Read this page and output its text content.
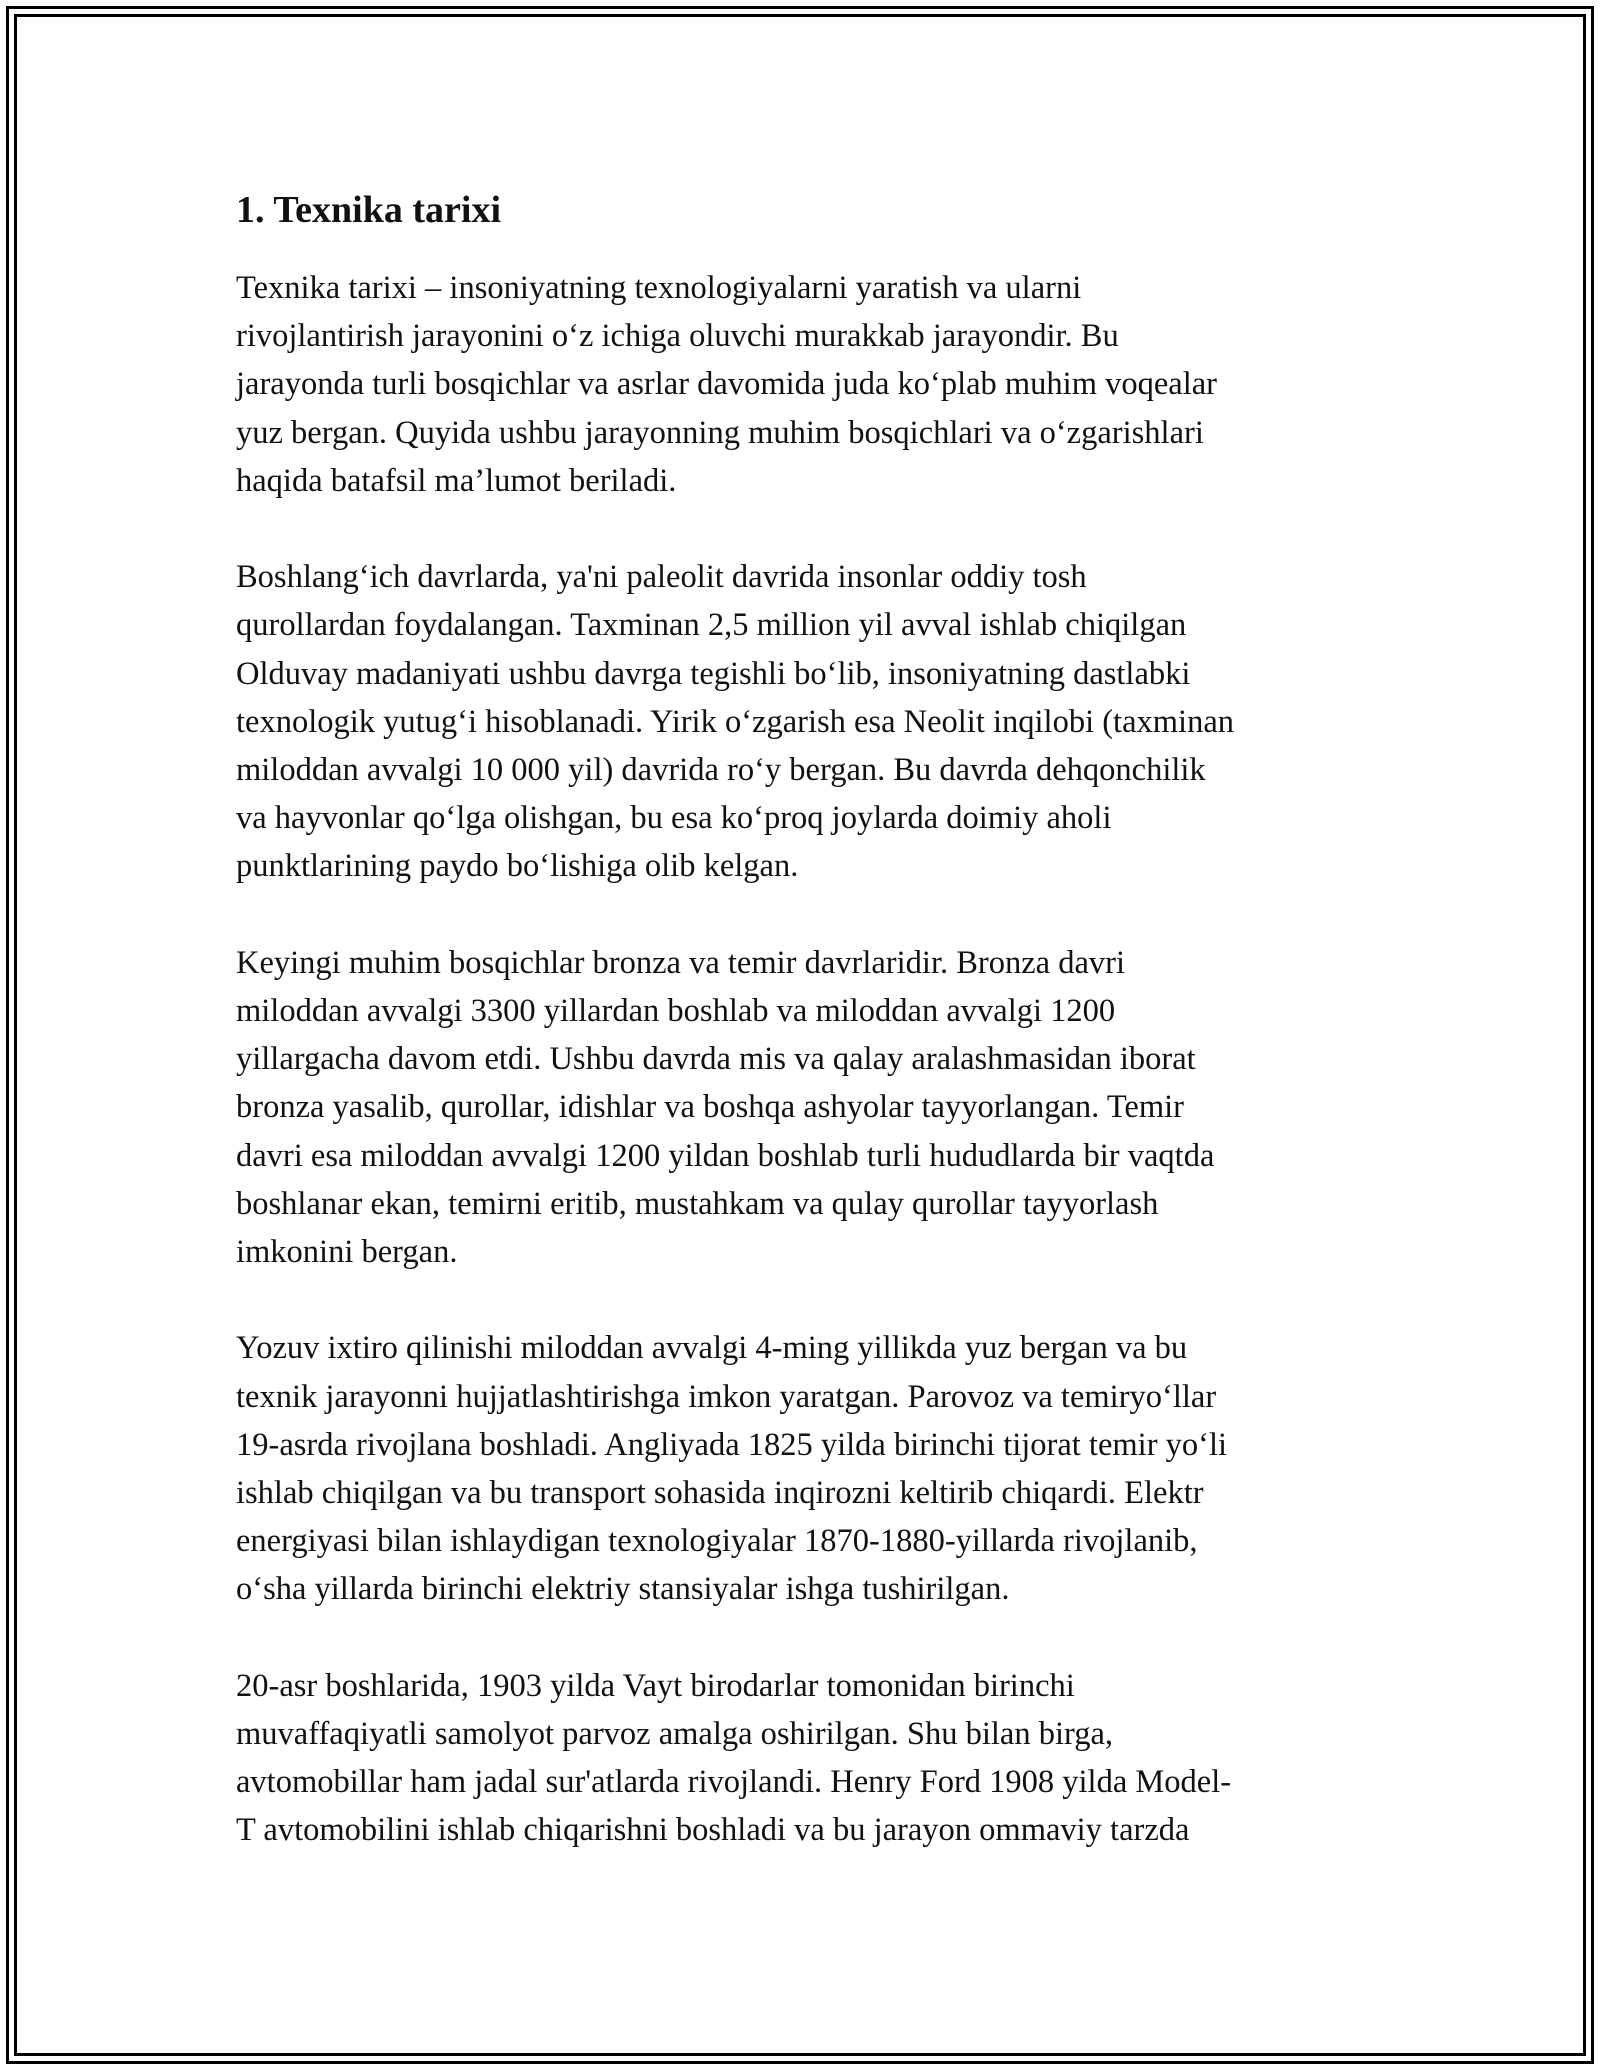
1. Texnika tarixi

Texnika tarixi – insoniyatning texnologiyalarni yaratish va ularni
rivojlantirish jarayonini oʻz ichiga oluvchi murakkab jarayondir. Bu
jarayonda turli bosqichlar va asrlar davomida juda koʻplab muhim voqealar
yuz bergan. Quyida ushbu jarayonning muhim bosqichlari va oʻzgarishlari
haqida batafsil ma’lumot beriladi.

Boshlangʻich davrlarda, ya'ni paleolit davrida insonlar oddiy tosh
qurollardan foydalangan. Taxminan 2,5 million yil avval ishlab chiqilgan
Olduvay madaniyati ushbu davrga tegishli boʻlib, insoniyatning dastlabki
texnologik yutugʻi hisoblanadi. Yirik oʻzgarish esa Neolit inqilobi (taxminan
miloddan avvalgi 10 000 yil) davrida roʻy bergan. Bu davrda dehqonchilik
va hayvonlar qoʻlga olishgan, bu esa koʻproq joylarda doimiy aholi
punktlarining paydo boʻlishiga olib kelgan.

Keyingi muhim bosqichlar bronza va temir davrlaridir. Bronza davri
miloddan avvalgi 3300 yillardan boshlab va miloddan avvalgi 1200
yillargacha davom etdi. Ushbu davrda mis va qalay aralashmasidan iborat
bronza yasalib, qurollar, idishlar va boshqa ashyolar tayyorlangan. Temir
davri esa miloddan avvalgi 1200 yildan boshlab turli hududlarda bir vaqtda
boshlanar ekan, temirni eritib, mustahkam va qulay qurollar tayyorlash
imkonini bergan.

Yozuv ixtiro qilinishi miloddan avvalgi 4-ming yillikda yuz bergan va bu
texnik jarayonni hujjatlashtirishga imkon yaratgan. Parovoz va temiryoʻllar
19-asrda rivojlana boshladi. Angliyada 1825 yilda birinchi tijorat temir yoʻli
ishlab chiqilgan va bu transport sohasida inqirozni keltirib chiqardi. Elektr
energiyasi bilan ishlaydigan texnologiyalar 1870-1880-yillarda rivojlanib,
oʻsha yillarda birinchi elektriy stansiyalar ishga tushirilgan.

20-asr boshlarida, 1903 yilda Vayt birodarlar tomonidan birinchi
muvaffaqiyatli samolyot parvoz amalga oshirilgan. Shu bilan birga,
avtomobillar ham jadal sur'atlarda rivojlandi. Henry Ford 1908 yilda Model-
T avtomobilini ishlab chiqarishni boshladi va bu jarayon ommaviy tarzda
